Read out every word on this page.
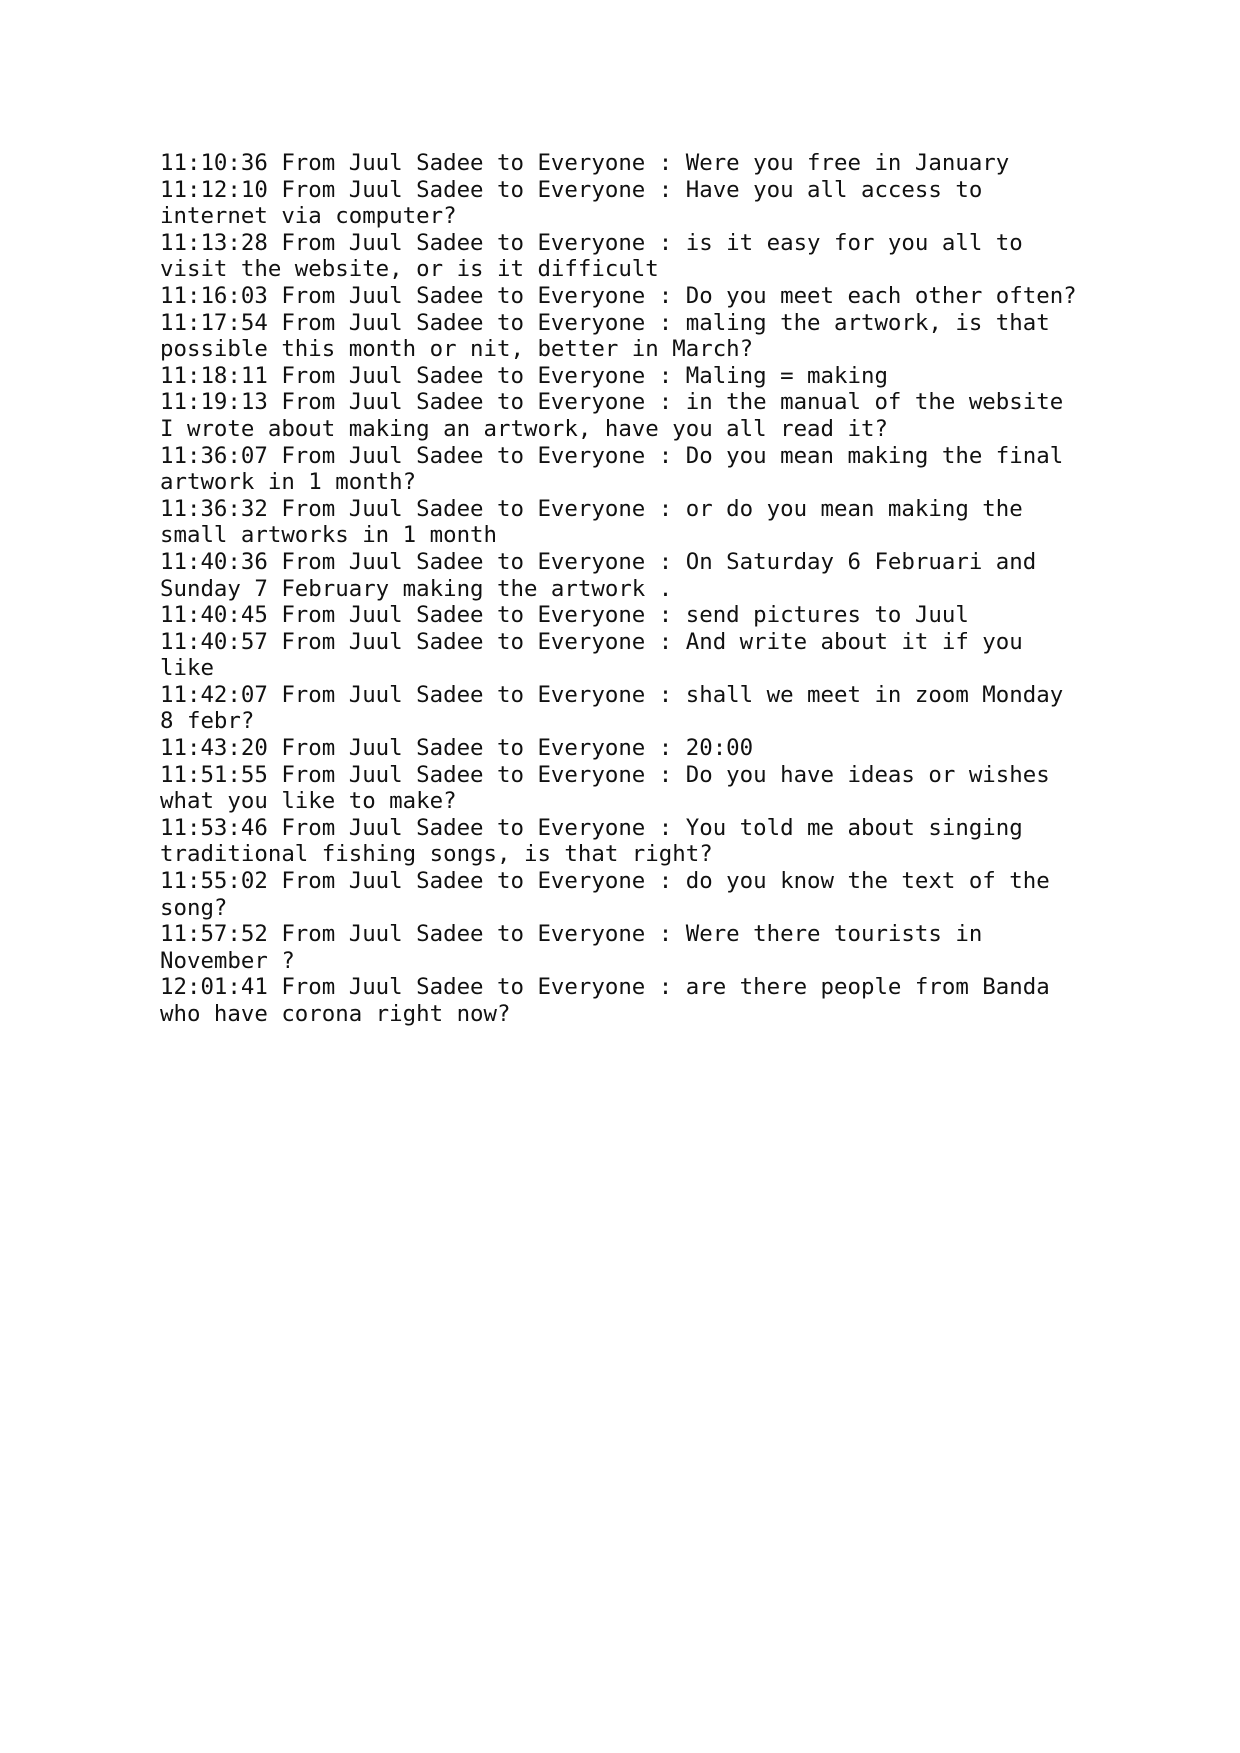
11:10:36 From Juul Sadee to Everyone : Were you free in January
11:12:10 From Juul Sadee to Everyone : Have you all access to
internet via computer?
11:13:28 From Juul Sadee to Everyone : is it easy for you all to
visit the website, or is it difficult
11:16:03 From Juul Sadee to Everyone : Do you meet each other often?
11:17:54 From Juul Sadee to Everyone : maling the artwork, is that
possible this month or nit, better in March?
11:18:11 From Juul Sadee to Everyone : Maling = making
11:19:13 From Juul Sadee to Everyone : in the manual of the website
I wrote about making an artwork, have you all read it?
11:36:07 From Juul Sadee to Everyone : Do you mean making the final
artwork in 1 month?
11:36:32 From Juul Sadee to Everyone : or do you mean making the
small artworks in 1 month
11:40:36 From Juul Sadee to Everyone : On Saturday 6 Februari and
Sunday 7 February making the artwork .
11:40:45 From Juul Sadee to Everyone : send pictures to Juul
11:40:57 From Juul Sadee to Everyone : And write about it if you
like
11:42:07 From Juul Sadee to Everyone : shall we meet in zoom Monday
8 febr?
11:43:20 From Juul Sadee to Everyone : 20:00
11:51:55 From Juul Sadee to Everyone : Do you have ideas or wishes
what you like to make?
11:53:46 From Juul Sadee to Everyone : You told me about singing
traditional fishing songs, is that right?
11:55:02 From Juul Sadee to Everyone : do you know the text of the
song?
11:57:52 From Juul Sadee to Everyone : Were there tourists in
November ?
12:01:41 From Juul Sadee to Everyone : are there people from Banda
who have corona right now?
